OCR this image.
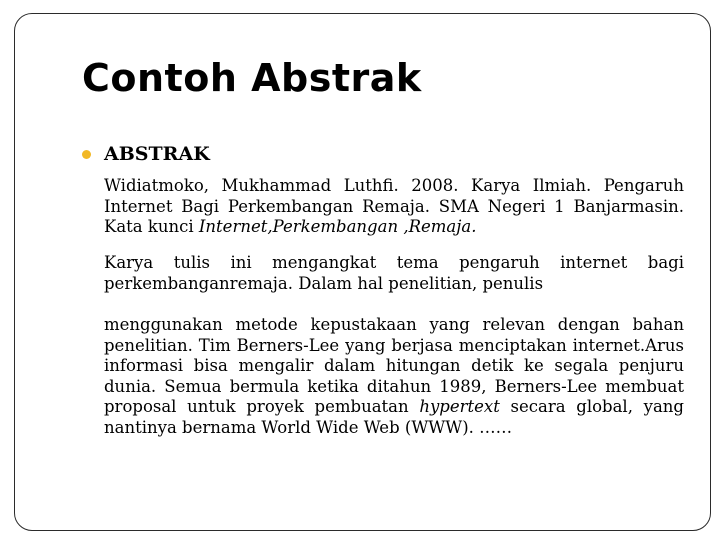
Contoh Abstrak
ABSTRAK

Widiatmoko, Mukhammad Luthfi. 2008. Karya Ilmiah. Pengaruh Internet Bagi Perkembangan Remaja. SMA Negeri 1 Banjarmasin. Kata kunci Internet,Perkembangan ,Remaja.

Karya tulis ini mengangkat tema pengaruh internet bagi perkembanganremaja. Dalam hal penelitian, penulis

menggunakan metode kepustakaan yang relevan dengan bahan penelitian. Tim Berners-Lee yang berjasa menciptakan internet.Arus informasi bisa mengalir dalam hitungan detik ke segala penjuru dunia. Semua bermula ketika ditahun 1989, Berners-Lee membuat proposal untuk proyek pembuatan hypertext secara global, yang nantinya bernama World Wide Web (WWW). ……
